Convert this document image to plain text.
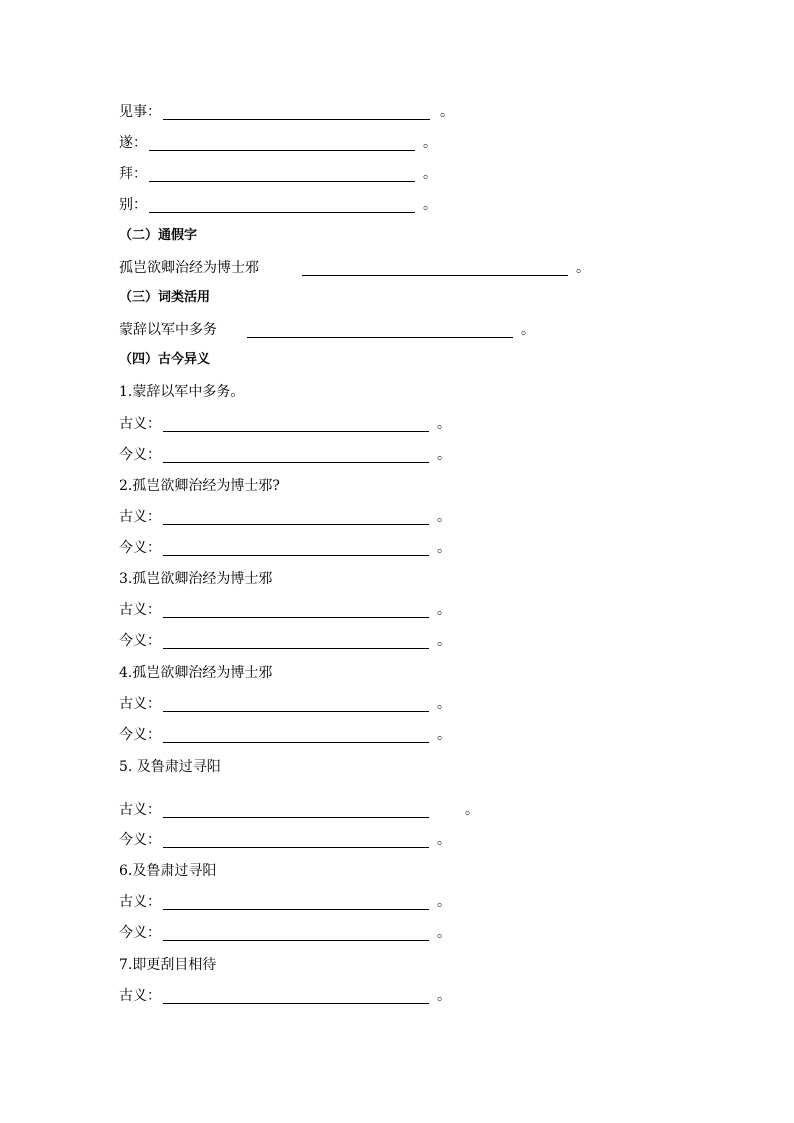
见事：	。
遂：	。
拜：	。
别：	。
（二）通假字
孤岂欲卿治经为博士邪	。
（三）词类活用
蒙辞以军中多务	。
（四）古今异义
1.蒙辞以军中多务。
古义：	。
今义：	。
2.孤岂欲卿治经为博士邪?
古义：	。
今义：	。
3.孤岂欲卿治经为博士邪
古义：	。
今义：	。
4.孤岂欲卿治经为博士邪
古义：	。
今义：	。
5. 及鲁肃过寻阳
古义：	。
今义：	。
6.及鲁肃过寻阳
古义：	。
今义：	。
7.即更刮目相待
古义：	。
